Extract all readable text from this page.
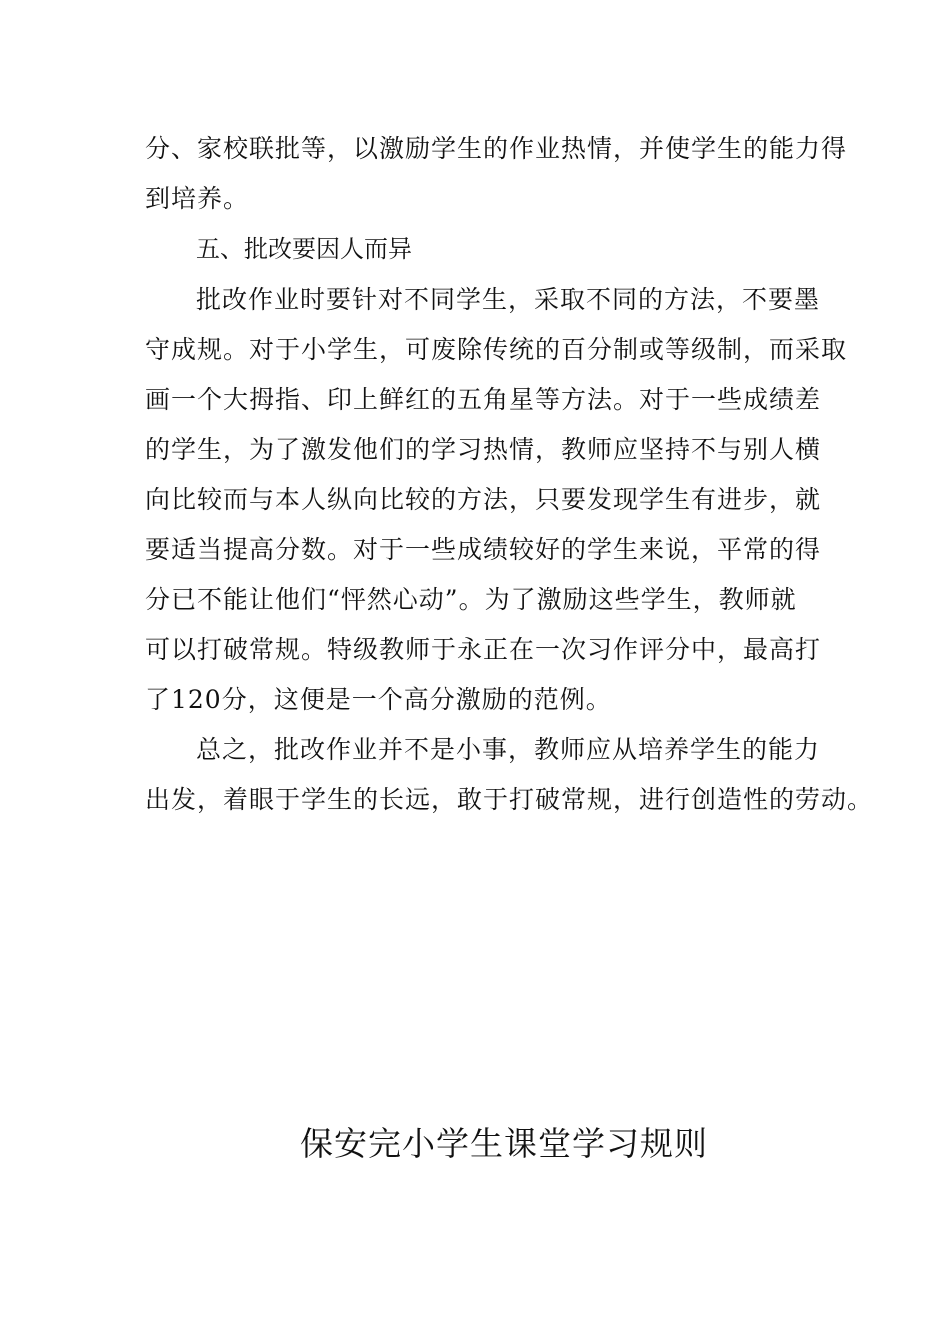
分、家校联批等，以激励学生的作业热情，并使学生的能力得
到培养。
五、批改要因人而异
批改作业时要针对不同学生，采取不同的方法，不要墨
守成规。对于小学生，可废除传统的百分制或等级制，而采取
画一个大拇指、印上鲜红的五角星等方法。对于一些成绩差
的学生，为了激发他们的学习热情，教师应坚持不与别人横
向比较而与本人纵向比较的方法，只要发现学生有进步，就
要适当提高分数。对于一些成绩较好的学生来说，平常的得
分已不能让他们“怦然心动”。为了激励这些学生，教师就
可以打破常规。特级教师于永正在一次习作评分中，最高打
了120分，这便是一个高分激励的范例。
总之，批改作业并不是小事，教师应从培养学生的能力
出发，着眼于学生的长远，敢于打破常规，进行创造性的劳动。
保安完小学生课堂学习规则
